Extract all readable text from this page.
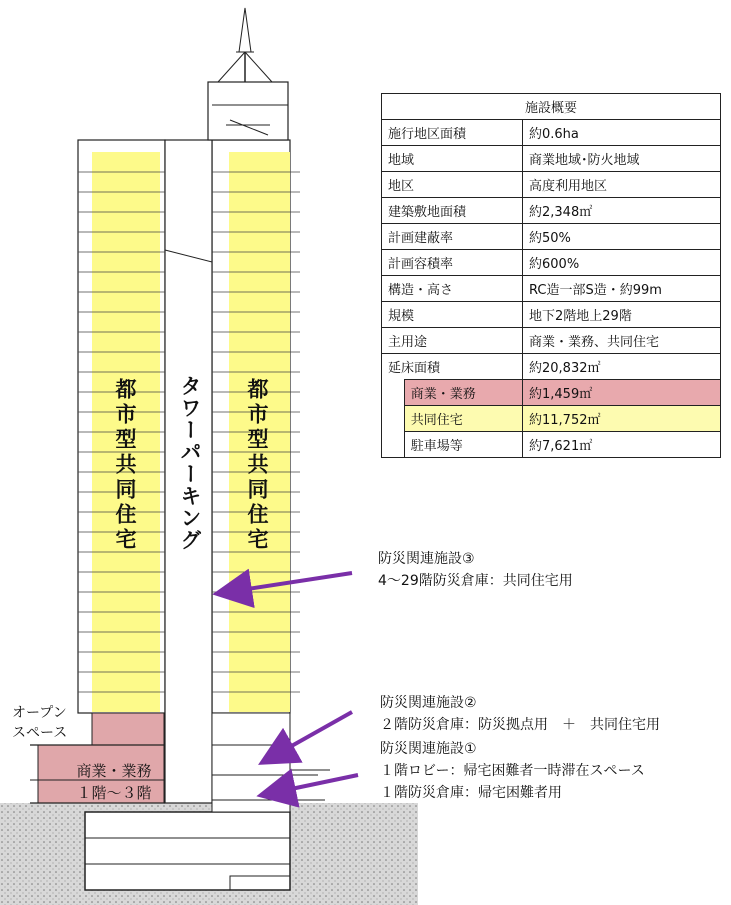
都市型共同住宅	都市型共同住宅
タワーパーキング
オープン
スペース
商業・業務
１階～３階
防災関連施設③
4～29階防災倉庫：共同住宅用
防災関連施設②
２階防災倉庫：防災拠点用　＋　共同住宅用
防災関連施設①
１階ロビー：帰宅困難者一時滞在スペース
１階防災倉庫：帰宅困難者用
施設概要		
施行地区面積		約0.6ha
地域		商業地域･防火地域
地区		高度利用地区
建築敷地面積		約2,348㎡
計画建蔽率		約50%
計画容積率		約600%
構造・高さ		RC造一部S造・約99m
規模		地下2階地上29階
主用途		商業・業務、共同住宅
延床面積		約20,832㎡
	商業・業務	約1,459㎡
	共同住宅	約11,752㎡
	駐車場等	約7,621㎡
